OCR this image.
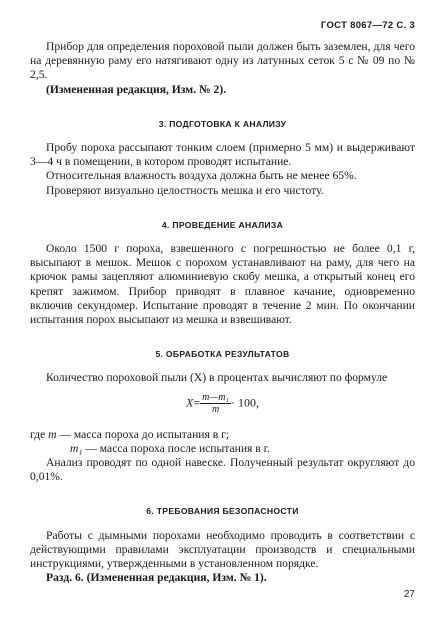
ГОСТ 8067—72 С. 3

Прибор для определения пороховой пыли должен быть заземлен, для чего на деревянную раму его натягивают одну из латунных сеток 5 с № 09 по № 2,5.

(Измененная редакция, Изм. № 2).

3. ПОДГОТОВКА К АНАЛИЗУ

Пробу пороха рассыпают тонким слоем (примерно 5 мм) и выдерживают 3—4 ч в помещении, в котором проводят испытание.

Относительная влажность воздуха должна быть не менее 65%.

Проверяют визуально целостность мешка и его чистоту.

4. ПРОВЕДЕНИЕ АНАЛИЗА

Около 1500 г пороха, взвешенного с погрешностью не более 0,1 г, высыпают в мешок. Мешок с порохом устанавливают на раму, для чего на крючок рамы зацепляют алюминиевую скобу мешка, а открытый конец его крепят зажимом. Прибор приводят в плавное качание, одновременно включив секундомер. Испытание проводят в течение 2 мин. По окончании испытания порох высыпают из мешка и взвешивают.

5. ОБРАБОТКА РЕЗУЛЬТАТОВ

Количество пороховой пыли (X) в процентах вычисляют по формуле

$X= \frac{\text{m—m₁}}{m} \cdot 100$,

где m — масса пороха до испытания в г;

m₁ — масса пороха после испытания в г.

Анализ проводят по одной навеске. Полученный результат округляют до 0,01%.

6. ТРЕБОВАНИЯ БЕЗОПАСНОСТИ

Работы с дымными порохами необходимо проводить в соответствии с действующими правилами эксплуатации производств и специальными инструкциями, утвержденными в установленном порядке.

Разд. 6. (Измененная редакция, Изм. № 1).

27
